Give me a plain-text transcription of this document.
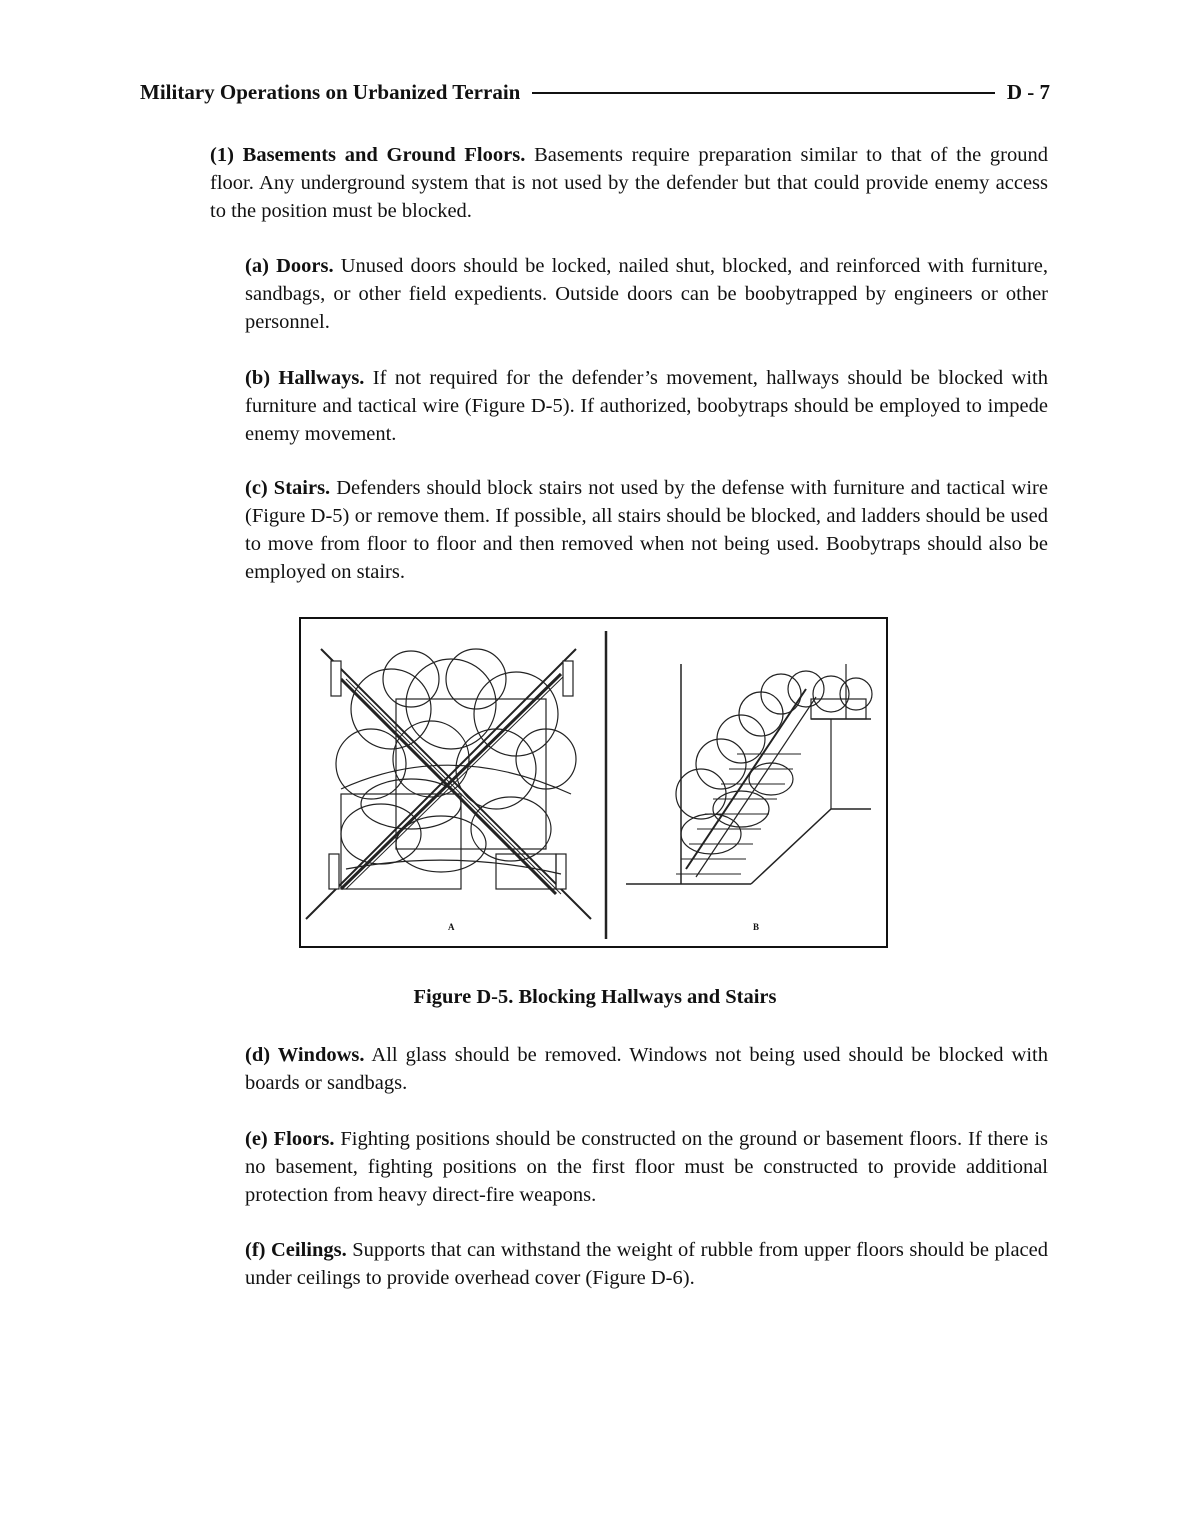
Military Operations on Urbanized Terrain	D - 7

(1) Basements and Ground Floors. Basements require preparation similar to that of the ground floor. Any underground system that is not used by the defender but that could provide enemy access to the position must be blocked.

(a) Doors. Unused doors should be locked, nailed shut, blocked, and reinforced with furniture, sandbags, or other field expedients. Outside doors can be boobytrapped by engineers or other personnel.

(b) Hallways. If not required for the defender’s movement, hallways should be blocked with furniture and tactical wire (Figure D-5). If authorized, boobytraps should be employed to impede enemy movement.

(c) Stairs. Defenders should block stairs not used by the defense with furniture and tactical wire (Figure D-5) or remove them. If possible, all stairs should be blocked, and ladders should be used to move from floor to floor and then removed when not being used. Boobytraps should also be employed on stairs.

A	B
Figure D-5. Blocking Hallways and Stairs

(d) Windows. All glass should be removed. Windows not being used should be blocked with boards or sandbags.

(e) Floors. Fighting positions should be constructed on the ground or basement floors. If there is no basement, fighting positions on the first floor must be constructed to provide additional protection from heavy direct-fire weapons.

(f) Ceilings. Supports that can withstand the weight of rubble from upper floors should be placed under ceilings to provide overhead cover (Figure D-6).
